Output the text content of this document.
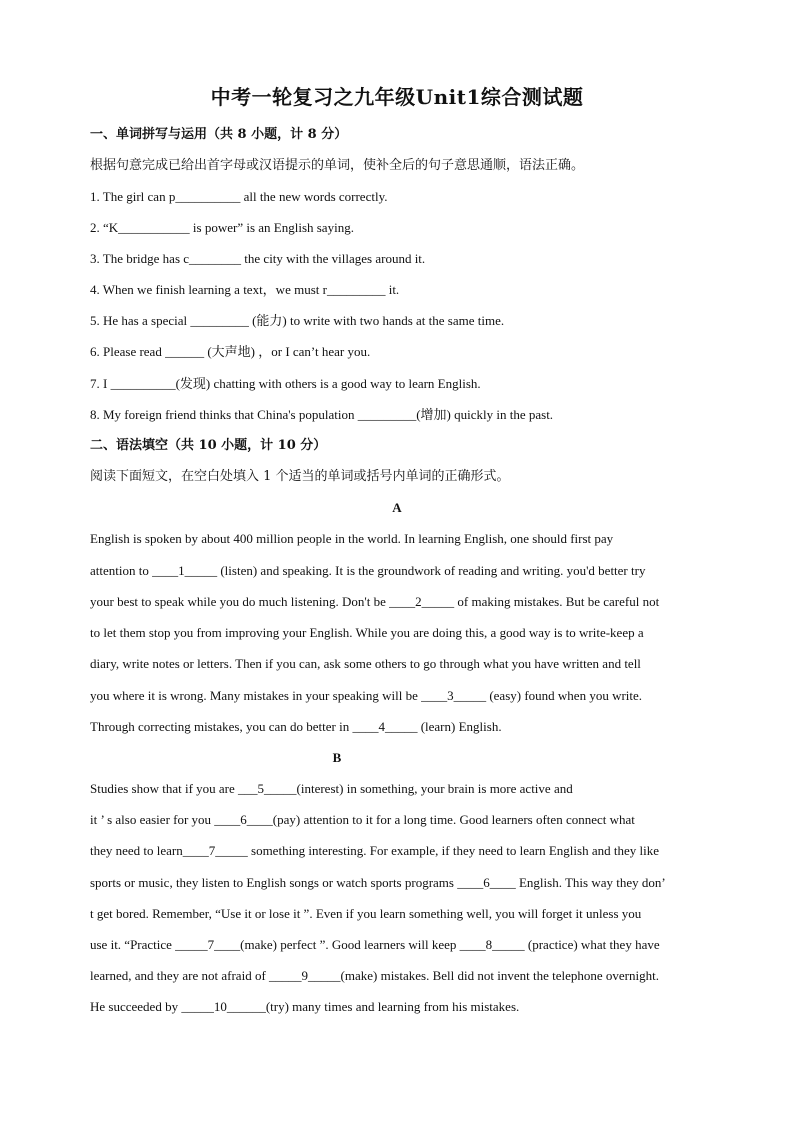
中考一轮复习之九年级Unit1综合测试题
一、单词拼写与运用（共 8 小题，计 8 分）
根据句意完成已给出首字母或汉语提示的单词，使补全后的句子意思通顺，语法正确。
1. The girl can p__________ all the new words correctly.
2. “K___________ is power” is an English saying.
3. The bridge has c________ the city with the villages around it.
4. When we finish learning a text，we must r_________ it.
5. He has a special _________ (能力) to write with two hands at the same time.
6. Please read ______ (大声地) ，or I can’t hear you.
7. I __________(发现) chatting with others is a good way to learn English.
8. My foreign friend thinks that China's population _________(增加) quickly in the past.
二、语法填空（共 10 小题，计 10 分）
阅读下面短文，在空白处填入 1 个适当的单词或括号内单词的正确形式。
A
English is spoken by about 400 million people in the world. In learning English, one should first pay
attention to ____1_____ (listen) and speaking. It is the groundwork of reading and writing. you'd better try
your best to speak while you do much listening. Don't be ____2_____ of making mistakes. But be careful not
to let them stop you from improving your English. While you are doing this, a good way is to write-keep a
diary, write notes or letters. Then if you can, ask some others to go through what you have written and tell
you where it is wrong. Many mistakes in your speaking will be ____3_____ (easy) found when you write.
Through correcting mistakes, you can do better in ____4_____ (learn) English.
B
Studies show that if you are ___5_____(interest) in something, your brain is more active and
it ’ s also easier for you ____6____(pay) attention to it for a long time. Good learners often connect what
they need to learn____7_____ something interesting. For example, if they need to learn English and they like
sports or music, they listen to English songs or watch sports programs ____6____ English. This way they don’
t get bored. Remember, “Use it or lose it ”. Even if you learn something well, you will forget it unless you
use it. “Practice _____7____(make) perfect ”. Good learners will keep ____8_____ (practice) what they have
learned, and they are not afraid of _____9_____(make) mistakes. Bell did not invent the telephone overnight.
He succeeded by _____10______(try) many times and learning from his mistakes.
